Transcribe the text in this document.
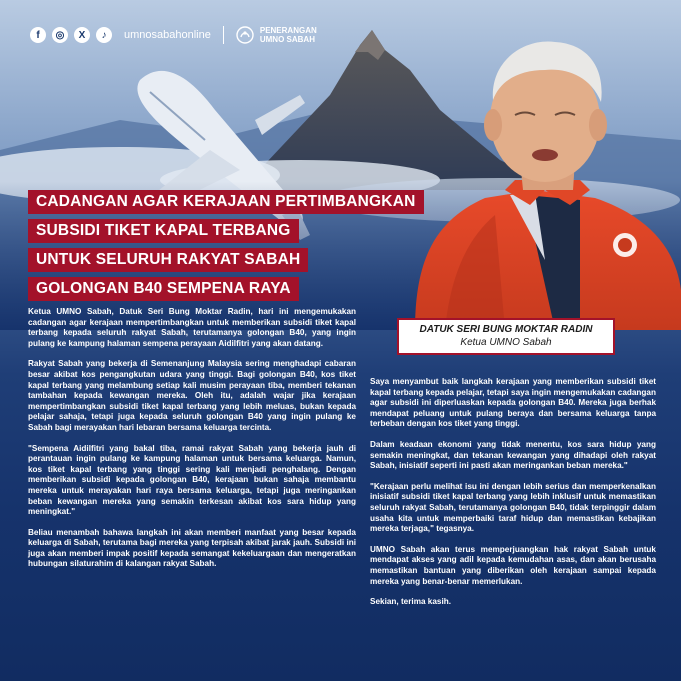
f	◎	X	♪	umnosabahonline	PENERANGAN
UMNO SABAH
CADANGAN AGAR KERAJAAN PERTIMBANGKAN
SUBSIDI TIKET KAPAL TERBANG
UNTUK SELURUH RAKYAT SABAH
GOLONGAN B40 SEMPENA RAYA
DATUK SERI BUNG MOKTAR RADIN
Ketua UMNO Sabah

Ketua UMNO Sabah, Datuk Seri Bung Moktar Radin, hari ini mengemukakan cadangan agar kerajaan mempertimbangkan untuk memberikan subsidi tiket kapal terbang kepada seluruh rakyat Sabah, terutamanya golongan B40, yang ingin pulang ke kampung halaman sempena perayaan Aidilfitri yang akan datang.

Rakyat Sabah yang bekerja di Semenanjung Malaysia sering menghadapi cabaran besar akibat kos pengangkutan udara yang tinggi. Bagi golongan B40, kos tiket kapal terbang yang melambung setiap kali musim perayaan tiba, memberi tekanan tambahan kepada kewangan mereka. Oleh itu, adalah wajar jika kerajaan mempertimbangkan subsidi tiket kapal terbang yang lebih meluas, bukan kepada pelajar sahaja, tetapi juga kepada seluruh golongan B40 yang ingin pulang ke Sabah bagi merayakan hari lebaran bersama keluarga tercinta.

"Sempena Aidilfitri yang bakal tiba, ramai rakyat Sabah yang bekerja jauh di perantauan ingin pulang ke kampung halaman untuk bersama keluarga. Namun, kos tiket kapal terbang yang tinggi sering kali menjadi penghalang. Dengan memberikan subsidi kepada golongan B40, kerajaan bukan sahaja membantu mereka untuk merayakan hari raya bersama keluarga, tetapi juga meringankan beban kewangan mereka yang semakin terkesan akibat kos sara hidup yang meningkat."

Beliau menambah bahawa langkah ini akan memberi manfaat yang besar kepada keluarga di Sabah, terutama bagi mereka yang terpisah akibat jarak jauh. Subsidi ini juga akan memberi impak positif kepada semangat kekeluargaan dan mengeratkan hubungan silaturahim di kalangan rakyat Sabah.

Saya menyambut baik langkah kerajaan yang memberikan subsidi tiket kapal terbang kepada pelajar, tetapi saya ingin mengemukakan cadangan agar subsidi ini diperluaskan kepada golongan B40. Mereka juga berhak mendapat peluang untuk pulang beraya dan bersama keluarga tanpa terbeban dengan kos tiket yang tinggi.

Dalam keadaan ekonomi yang tidak menentu, kos sara hidup yang semakin meningkat, dan tekanan kewangan yang dihadapi oleh rakyat Sabah, inisiatif seperti ini pasti akan meringankan beban mereka."

"Kerajaan perlu melihat isu ini dengan lebih serius dan memperkenalkan inisiatif subsidi tiket kapal terbang yang lebih inklusif untuk memastikan seluruh rakyat Sabah, terutamanya golongan B40, tidak terpinggir dalam usaha kita untuk memperbaiki taraf hidup dan memastikan kebajikan mereka terjaga," tegasnya.

UMNO Sabah akan terus memperjuangkan hak rakyat Sabah untuk mendapat akses yang adil kepada kemudahan asas, dan akan berusaha memastikan bantuan yang diberikan oleh kerajaan sampai kepada mereka yang benar-benar memerlukan.

Sekian, terima kasih.
